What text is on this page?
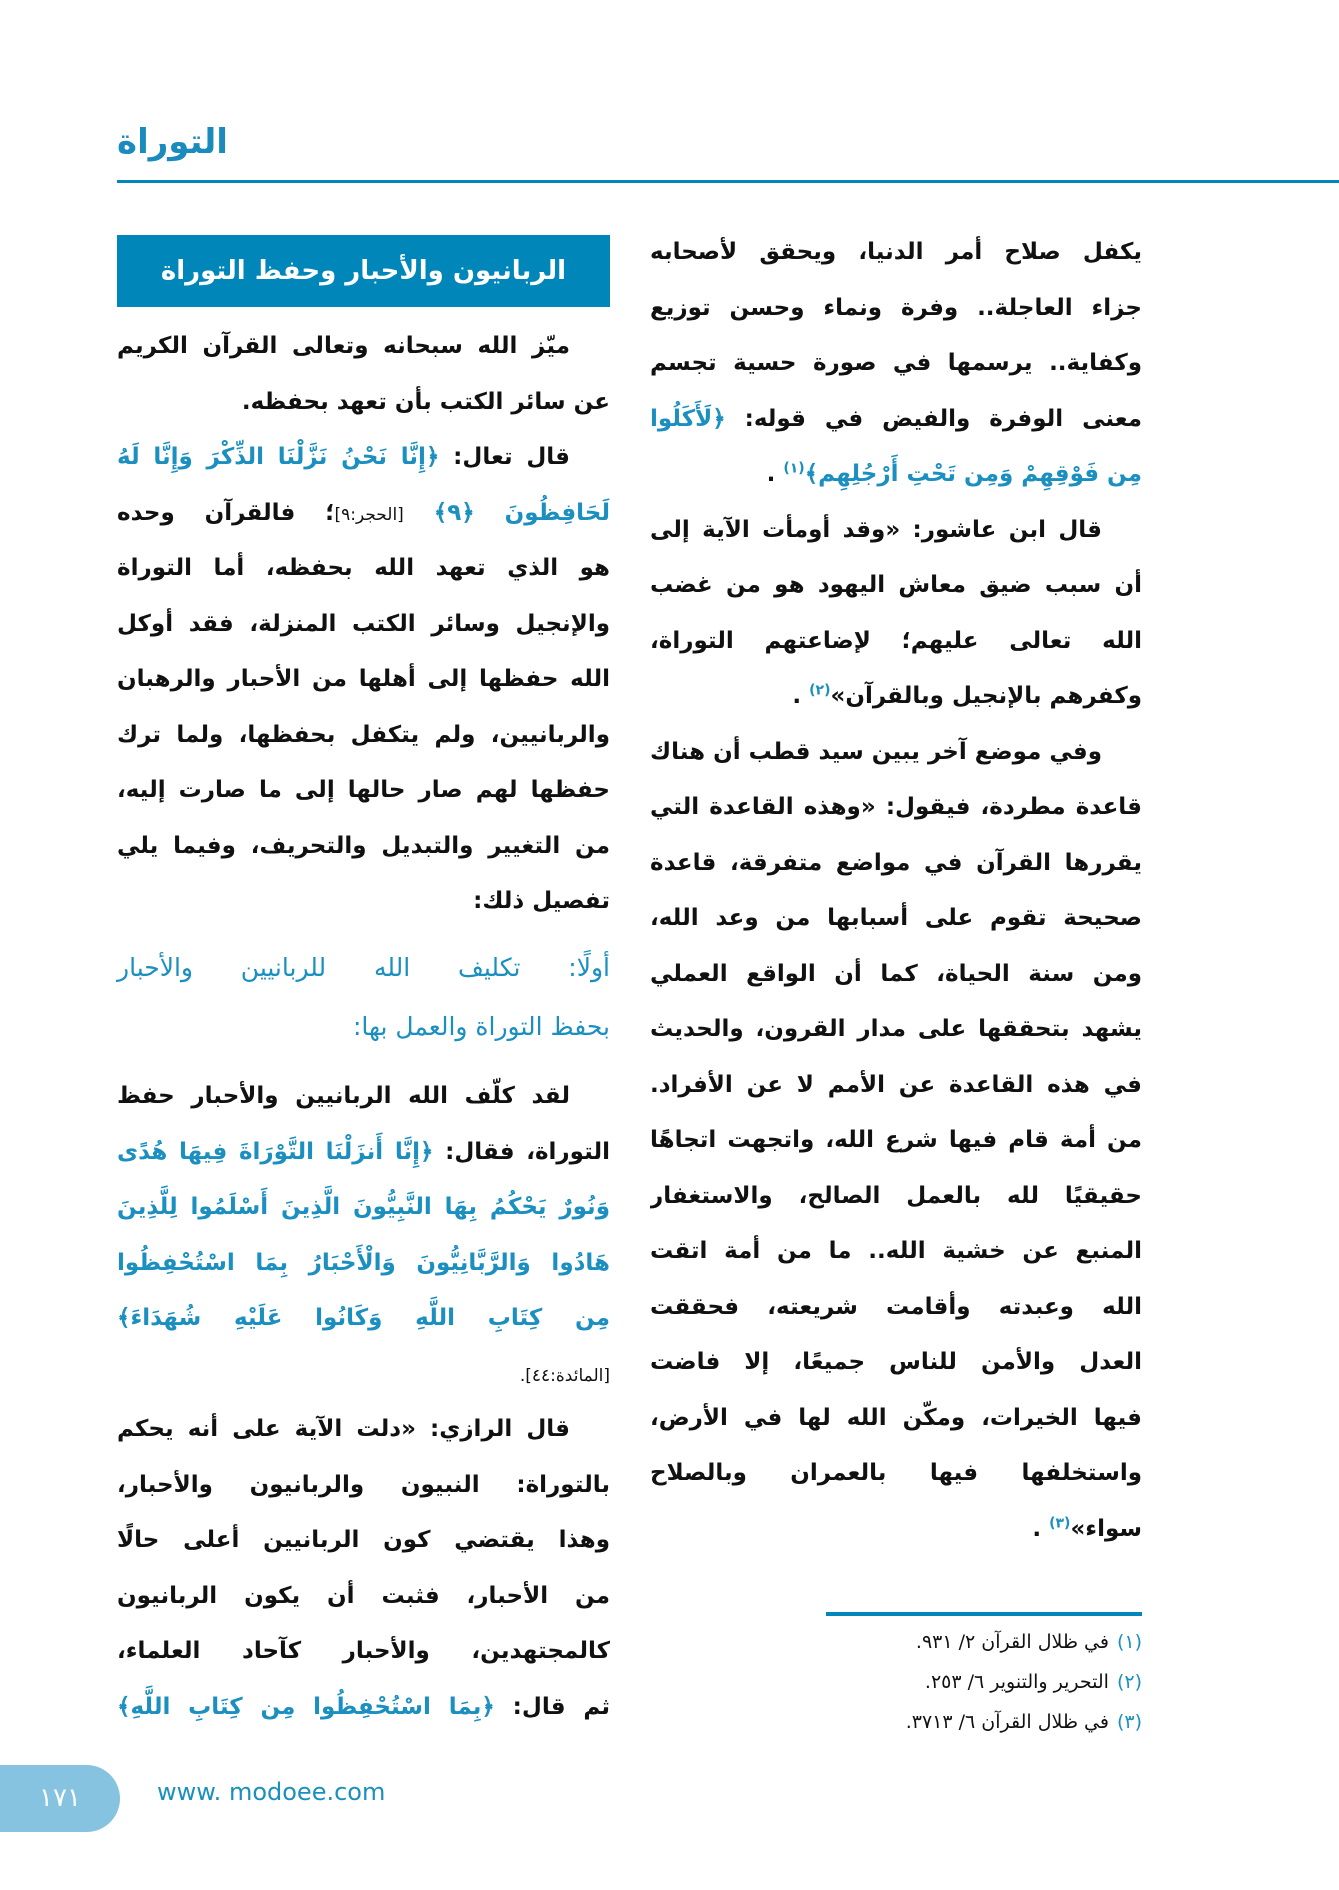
التوراة
يكفل صلاح أمر الدنيا، ويحقق لأصحابه
جزاء العاجلة.. وفرة ونماء وحسن توزيع
وكفاية.. يرسمها في صورة حسية تجسم
معنى الوفرة والفيض في قوله: ﴿لَأَكَلُوا
مِن فَوْقِهِمْ وَمِن تَحْتِ أَرْجُلِهِم﴾$^{(١)}$ .
قال ابن عاشور: «وقد أومأت الآية إلى
أن سبب ضيق معاش اليهود هو من غضب
الله تعالى عليهم؛ لإضاعتهم التوراة،
وكفرهم بالإنجيل وبالقرآن»$^{(٢)}$ .
وفي موضع آخر يبين سيد قطب أن هناك
قاعدة مطردة، فيقول: «وهذه القاعدة التي
يقررها القرآن في مواضع متفرقة، قاعدة
صحيحة تقوم على أسبابها من وعد الله،
ومن سنة الحياة، كما أن الواقع العملي
يشهد بتحققها على مدار القرون، والحديث
في هذه القاعدة عن الأمم لا عن الأفراد.
من أمة قام فيها شرع الله، واتجهت اتجاهًا
حقيقيًا لله بالعمل الصالح، والاستغفار
المنبع عن خشية الله.. ما من أمة اتقت
الله وعبدته وأقامت شريعته، فحققت
العدل والأمن للناس جميعًا، إلا فاضت
فيها الخيرات، ومكّن الله لها في الأرض،
واستخلفها فيها بالعمران وبالصلاح
سواء»$^{(٣)}$ .
الربانيون والأحبار وحفظ التوراة
ميّز الله سبحانه وتعالى القرآن الكريم
عن سائر الكتب بأن تعهد بحفظه.
قال تعال: ﴿إِنَّا نَحْنُ نَزَّلْنَا الذِّكْرَ وَإِنَّا لَهُ
لَحَافِظُونَ ﴿٩﴾ [الحجر:٩]؛ فالقرآن وحده
هو الذي تعهد الله بحفظه، أما التوراة
والإنجيل وسائر الكتب المنزلة، فقد أوكل
الله حفظها إلى أهلها من الأحبار والرهبان
والربانيين، ولم يتكفل بحفظها، ولما ترك
حفظها لهم صار حالها إلى ما صارت إليه،
من التغيير والتبديل والتحريف، وفيما يلي
تفصيل ذلك:
أولًا: تكليف الله للربانيين والأحبار
بحفظ التوراة والعمل بها:
لقد كلّف الله الربانيين والأحبار حفظ
التوراة، فقال: ﴿إِنَّا أَنزَلْنَا التَّوْرَاةَ فِيهَا هُدًى
وَنُورٌ يَحْكُمُ بِهَا النَّبِيُّونَ الَّذِينَ أَسْلَمُوا لِلَّذِينَ
هَادُوا وَالرَّبَّانِيُّونَ وَالْأَحْبَارُ بِمَا اسْتُحْفِظُوا
مِن كِتَابِ اللَّهِ وَكَانُوا عَلَيْهِ شُهَدَاءَ﴾
[المائدة:٤٤].
قال الرازي: «دلت الآية على أنه يحكم
بالتوراة: النبيون والربانيون والأحبار،
وهذا يقتضي كون الربانيين أعلى حالًا
من الأحبار، فثبت أن يكون الربانيون
كالمجتهدين، والأحبار كآحاد العلماء،
ثم قال: ﴿بِمَا اسْتُحْفِظُوا مِن كِتَابِ اللَّهِ﴾
(١)في ظلال القرآن ٢/ ٩٣١.
(٢)التحرير والتنوير ٦/ ٢٥٣.
(٣)في ظلال القرآن ٦/ ٣٧١٣.
١٧١	www. modoee.com
